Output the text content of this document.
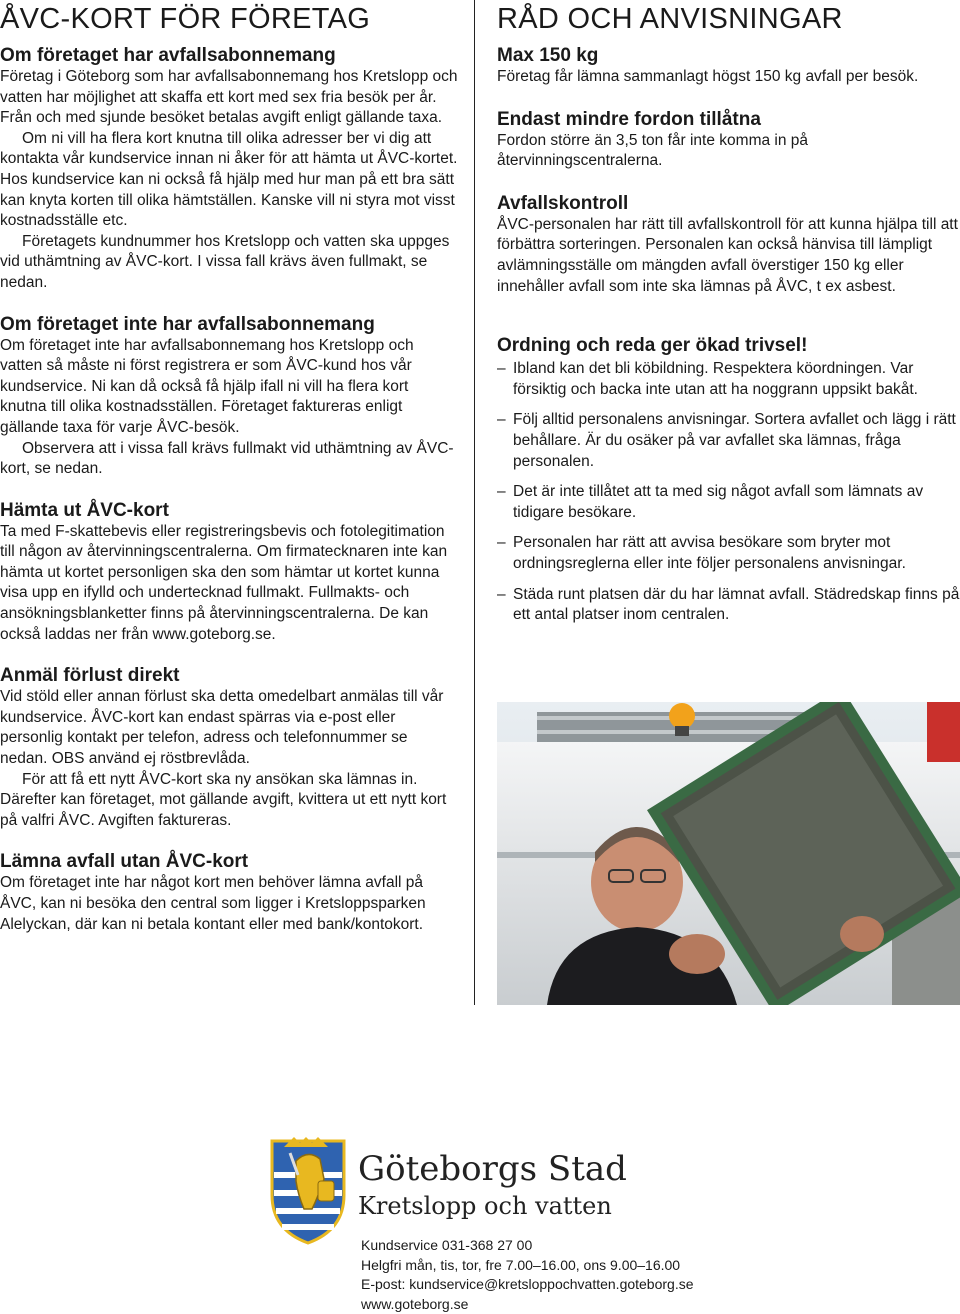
ÅVC-KORT FÖR FÖRETAG
Om företaget har avfallsabonnemang

Företag i Göteborg som har avfallsabonnemang hos Kretslopp och vatten har möjlighet att skaffa ett kort med sex fria besök per år. Från och med sjunde besöket betalas avgift enligt gällande taxa.

Om ni vill ha flera kort knutna till olika adresser ber vi dig att kontakta vår kundservice innan ni åker för att hämta ut ÅVC-kortet. Hos kundservice kan ni också få hjälp med hur man på ett bra sätt kan knyta korten till olika hämtställen. Kanske vill ni styra mot visst kostnadsställe etc.

Företagets kundnummer hos Kretslopp och vatten ska uppges vid uthämtning av ÅVC-kort. I vissa fall krävs även fullmakt, se nedan.

Om företaget inte har avfallsabonnemang

Om företaget inte har avfallsabonnemang hos Kretslopp och vatten så måste ni först registrera er som ÅVC-kund hos vår kundservice. Ni kan då också få hjälp ifall ni vill ha flera kort knutna till olika kostnadsställen. Företaget faktureras enligt gällande taxa för varje ÅVC-besök.

Observera att i vissa fall krävs fullmakt vid uthämtning av ÅVC-kort, se nedan.

Hämta ut ÅVC-kort

Ta med F-skattebevis eller registreringsbevis och fotolegitimation till någon av återvinningscentralerna. Om firmatecknaren inte kan hämta ut kortet personligen ska den som hämtar ut kortet kunna visa upp en ifylld och undertecknad fullmakt. Fullmakts- och ansökningsblanketter finns på återvinningscentralerna. De kan också laddas ner från www.goteborg.se.

Anmäl förlust direkt

Vid stöld eller annan förlust ska detta omedelbart anmälas till vår kundservice. ÅVC-kort kan endast spärras via e-post eller personlig kontakt per telefon, adress och telefonnummer se nedan. OBS använd ej röstbrevlåda.

För att få ett nytt ÅVC-kort ska ny ansökan ska lämnas in. Därefter kan företaget, mot gällande avgift, kvittera ut ett nytt kort på valfri ÅVC. Avgiften faktureras.

Lämna avfall utan ÅVC-kort

Om företaget inte har något kort men behöver lämna avfall på ÅVC, kan ni besöka den central som ligger i Kretsloppsparken Alelyckan, där kan ni betala kontant eller med bank/kontokort.

RÅD OCH ANVISNINGAR
Max 150 kg

Företag får lämna sammanlagt högst 150 kg avfall per besök.

Endast mindre fordon tillåtna

Fordon större än 3,5 ton får inte komma in på återvinningscentralerna.

Avfallskontroll

ÅVC-personalen har rätt till avfallskontroll för att kunna hjälpa till att förbättra sorteringen. Personalen kan också hänvisa till lämpligt avlämningsställe om mängden avfall överstiger 150 kg eller innehåller avfall som inte ska lämnas på ÅVC, t ex asbest.

Ordning och reda ger ökad trivsel!
– Ibland kan det bli köbildning. Respektera köordningen. Var försiktig och backa inte utan att ha noggrann uppsikt bakåt.
– Följ alltid personalens anvisningar. Sortera avfallet och lägg i rätt behållare. Är du osäker på var avfallet ska lämnas, fråga personalen.
– Det är inte tillåtet att ta med sig något avfall som lämnats av tidigare besökare.
– Personalen har rätt att avvisa besökare som bryter mot ordningsreglerna eller inte följer personalens anvisningar.
– Städa runt platsen där du har lämnat avfall. Städredskap finns på ett antal platser inom centralen.
Göteborgs Stad
Kretslopp och vatten

Kundservice 031-368 27 00

Helgfri mån, tis, tor, fre 7.00–16.00, ons 9.00–16.00

E-post: kundservice@kretsloppochvatten.goteborg.se

www.goteborg.se
